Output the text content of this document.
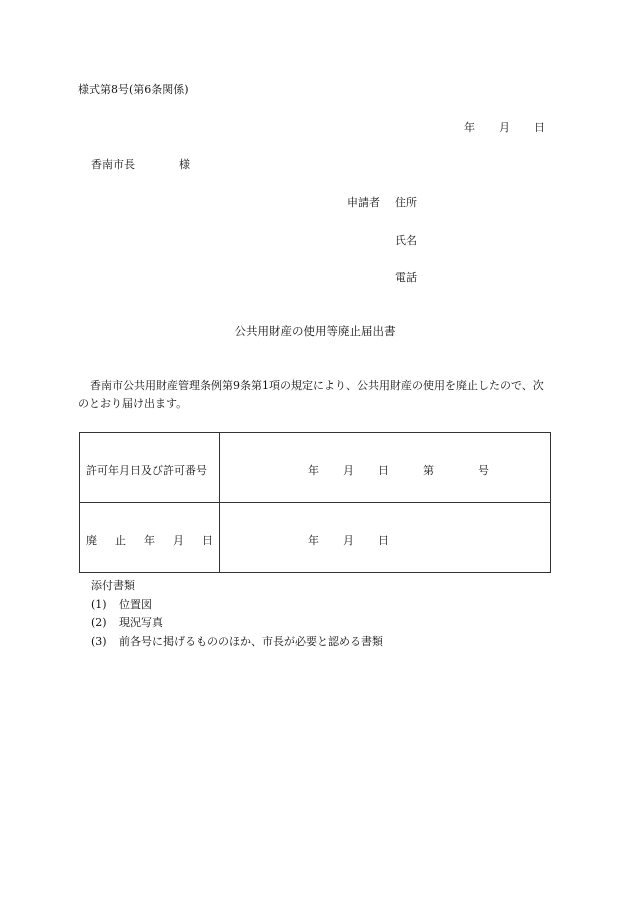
様式第8号(第6条関係)
年 月 日
香南市長	様
申請者 住所
氏名
電話
公共用財産の使用等廃止届出書
香南市公共用財産管理条例第9条第1項の規定により、公共用財産の使用を廃止したので、次のとおり届け出ます。
許可年月日及び許可番号	年 月 日	第	号
廃 止 年 月 日	年 月 日
添付書類
(1) 位置図
(2) 現況写真
(3) 前各号に掲げるもののほか、市長が必要と認める書類
